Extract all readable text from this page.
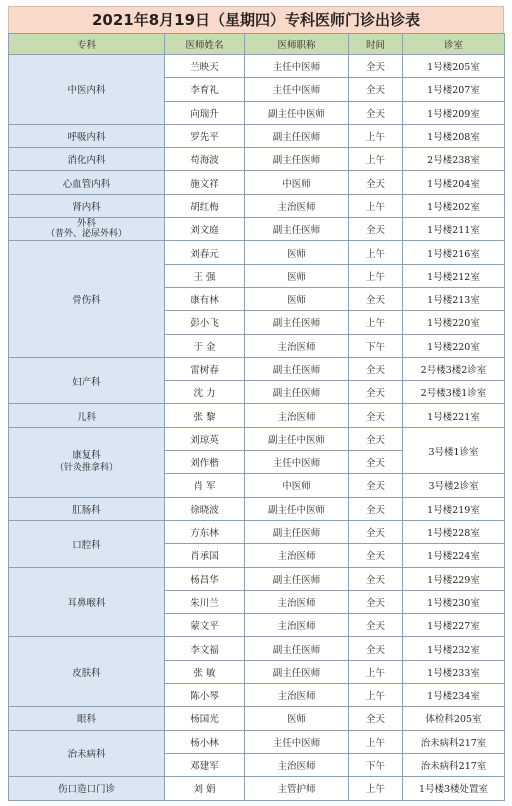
2021年8月19日（星期四）专科医师门诊出诊表
专科	医师姓名	医师职称	时间	诊室
中医内科	兰映天	主任中医师	全天	1号楼205室
	李育礼	主任中医师	全天	1号楼207室
	向瑞升	副主任中医师	全天	1号楼209室
呼吸内科	罗先平	副主任医师	上午	1号楼208室
消化内科	苟海波	副主任医师	上午	2号楼238室
心血管内科	施文祥	中医师	全天	1号楼204室
肾内科	胡红梅	主治医师	上午	1号楼202室

外科
（普外、泌尿外科）	刘文庭	副主任医师	全天	1号楼211室
骨伤科	刘春元	医师	上午	1号楼216室
	王 强	医师	上午	1号楼212室
	康有林	医师	全天	1号楼213室
	彭小飞	副主任医师	上午	1号楼220室
	于 金	主治医师	下午	1号楼220室
妇产科	雷树春	副主任医师	全天	2号楼3楼2诊室
	沈 力	副主任医师	全天	2号楼3楼1诊室
儿科	张 黎	主治医师	全天	1号楼221室

康复科
（针灸推拿科）	刘琼英	副主任中医师	全天	3号楼1诊室
	刘作楷	主任中医师	全天	
	肖 军	中医师	全天	3号楼2诊室
肛肠科	徐晓波	副主任中医师	全天	1号楼219室
口腔科	方东林	副主任医师	全天	1号楼228室
	肖承国	主治医师	全天	1号楼224室
耳鼻喉科	杨昌华	副主任医师	全天	1号楼229室
	朱川兰	主治医师	全天	1号楼230室
	蒙文平	主治医师	全天	1号楼227室
皮肤科	李文福	副主任医师	全天	1号楼232室
	张 敏	副主任医师	上午	1号楼233室
	陈小琴	主治医师	上午	1号楼234室
眼科	杨国光	医师	全天	体检科205室
治未病科	杨小林	主任中医师	上午	治未病科217室
	邓建军	主治医师	下午	治未病科217室
伤口造口门诊	刘 娟	主管护师	上午	1号楼3楼处置室
